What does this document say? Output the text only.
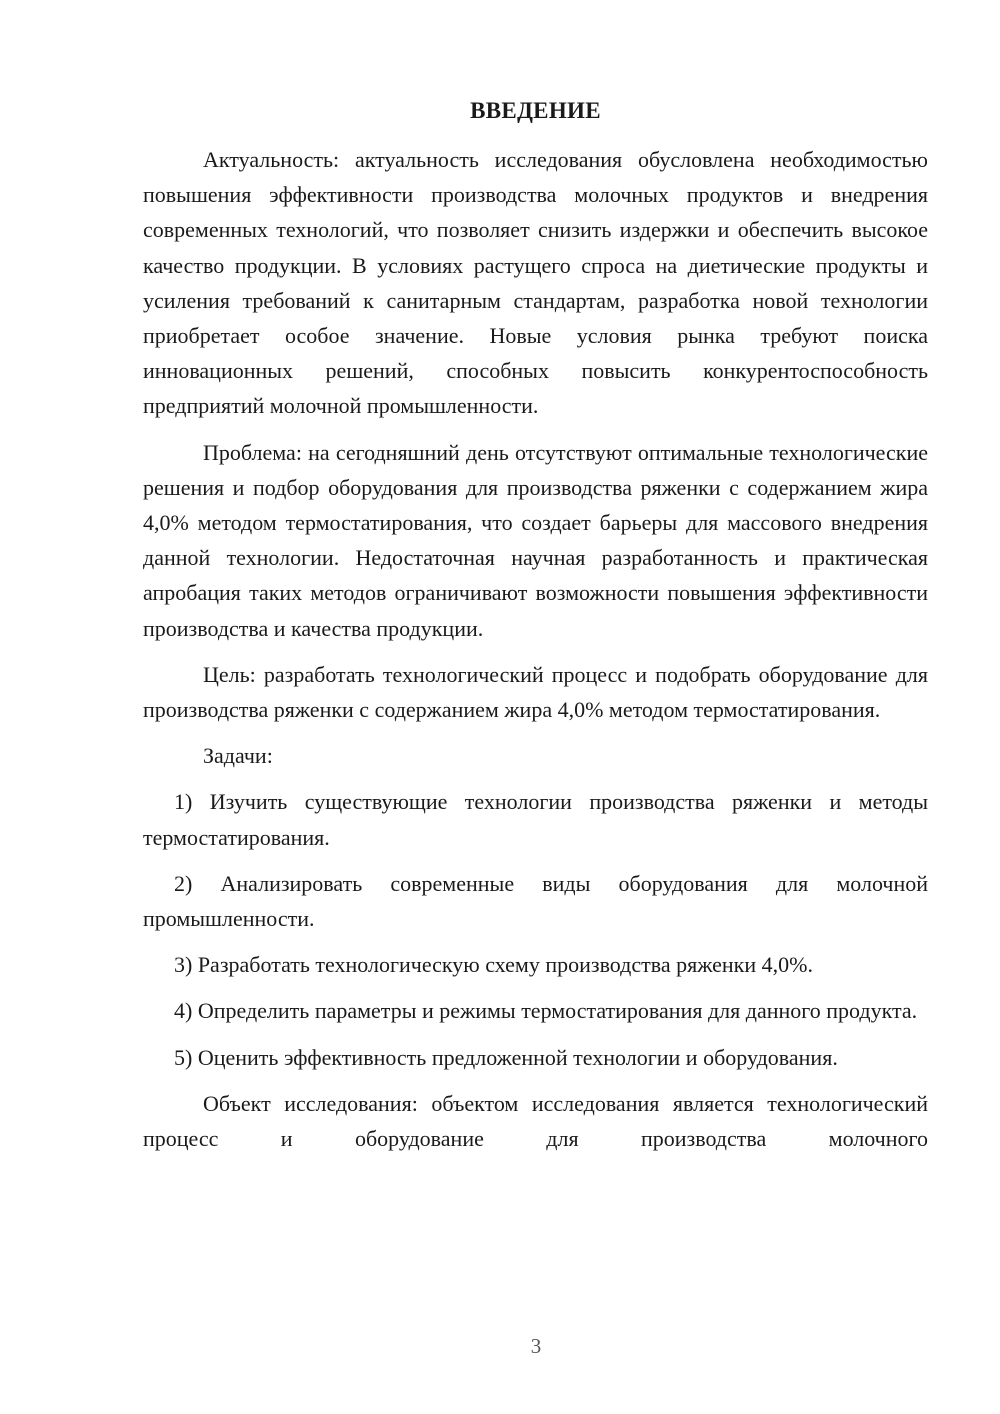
ВВЕДЕНИЕ

Актуальность: актуальность исследования обусловлена необходимостью повышения эффективности производства молочных продуктов и внедрения современных технологий, что позволяет снизить издержки и обеспечить высокое качество продукции. В условиях растущего спроса на диетические продукты и усиления требований к санитарным стандартам, разработка новой технологии приобретает особое значение. Новые условия рынка требуют поиска инновационных решений, способных повысить конкурентоспособность предприятий молочной промышленности.

Проблема: на сегодняшний день отсутствуют оптимальные технологические решения и подбор оборудования для производства ряженки с содержанием жира 4,0% методом термостатирования, что создает барьеры для массового внедрения данной технологии. Недостаточная научная разработанность и практическая апробация таких методов ограничивают возможности повышения эффективности производства и качества продукции.

Цель: разработать технологический процесс и подобрать оборудование для производства ряженки с содержанием жира 4,0% методом термостатирования.

Задачи:

1) Изучить существующие технологии производства ряженки и методы термостатирования.

2) Анализировать современные виды оборудования для молочной промышленности.

3) Разработать технологическую схему производства ряженки 4,0%.

4) Определить параметры и режимы термостатирования для данного продукта.

5) Оценить эффективность предложенной технологии и оборудования.

Объект исследования: объектом исследования является технологический процесс и оборудование для производства молочного

3
